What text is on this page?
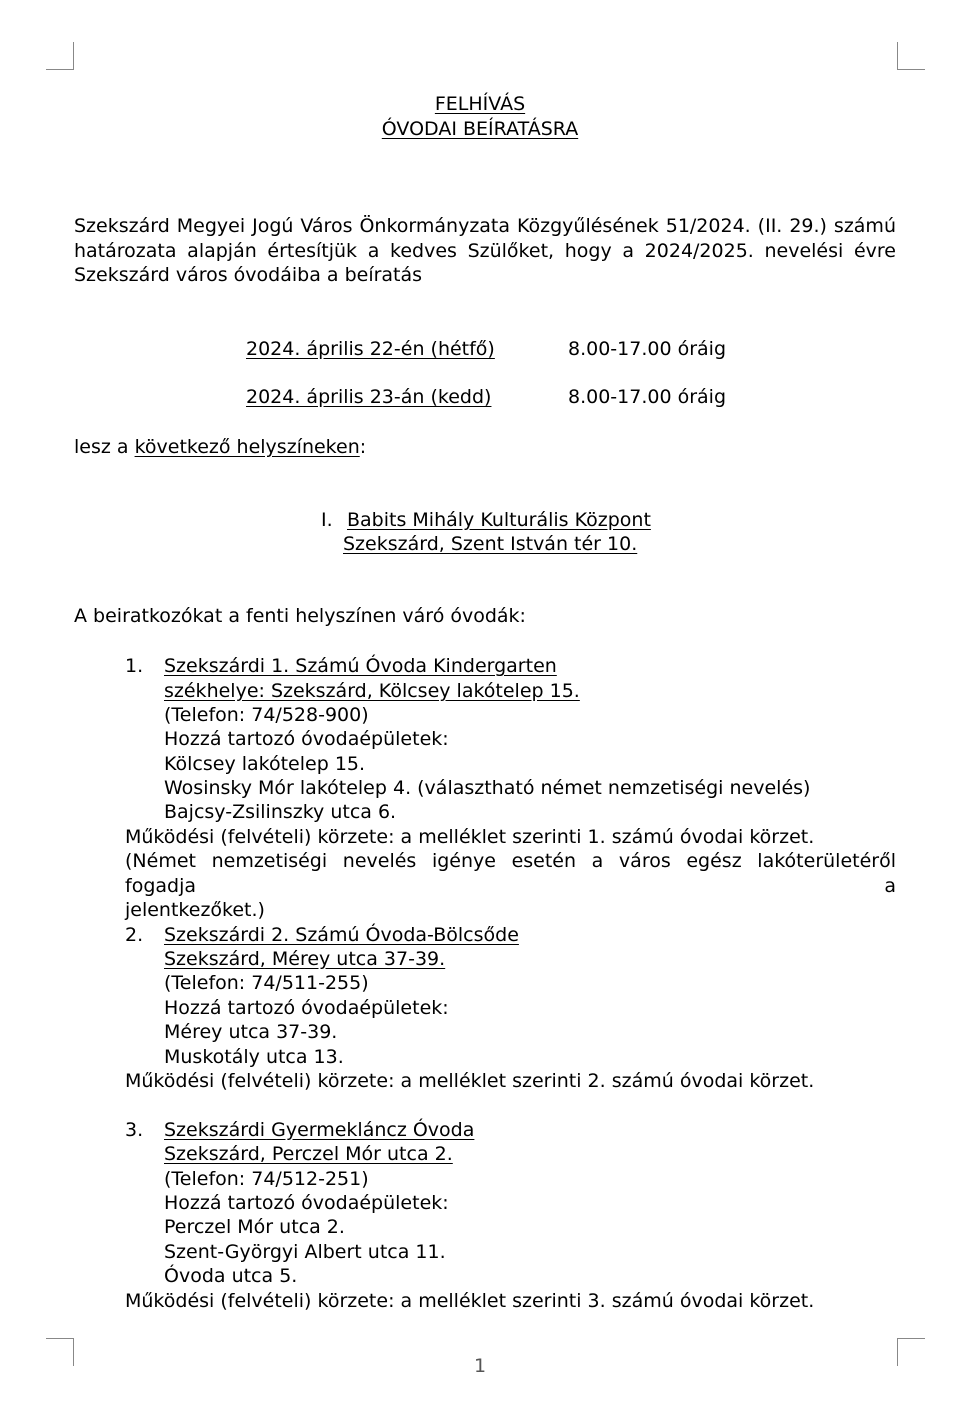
FELHÍVÁS
ÓVODAI BEÍRATÁSRA
Szekszárd Megyei Jogú Város Önkormányzata Közgyűlésének 51/2024. (II. 29.) számú
határozata alapján értesítjük a kedves Szülőket, hogy a 2024/2025. nevelési évre
Szekszárd város óvodáiba a beíratás
2024. április 22-én (hétfő)	8.00-17.00 óráig
2024. április 23-án (kedd)	8.00-17.00 óráig
lesz a következő helyszíneken:
I. Babits Mihály Kulturális Központ
Szekszárd, Szent István tér 10.
A beiratkozókat a fenti helyszínen váró óvodák:
1. Szekszárdi 1. Számú Óvoda Kindergarten
székhelye: Szekszárd, Kölcsey lakótelep 15.
(Telefon: 74/528-900)
Hozzá tartozó óvodaépületek:
Kölcsey lakótelep 15.
Wosinsky Mór lakótelep 4. (választható német nemzetiségi nevelés)
Bajcsy-Zsilinszky utca 6.
Működési (felvételi) körzete: a melléklet szerinti 1. számú óvodai körzet.
(Német nemzetiségi nevelés igénye esetén a város egész lakóterületéről fogadja a
jelentkezőket.)
2. Szekszárdi 2. Számú Óvoda-Bölcsőde
Szekszárd, Mérey utca 37-39.
(Telefon: 74/511-255)
Hozzá tartozó óvodaépületek:
Mérey utca 37-39.
Muskotály utca 13.
Működési (felvételi) körzete: a melléklet szerinti 2. számú óvodai körzet.
3. Szekszárdi Gyermekláncz Óvoda
Szekszárd, Perczel Mór utca 2.
(Telefon: 74/512-251)
Hozzá tartozó óvodaépületek:
Perczel Mór utca 2.
Szent-Györgyi Albert utca 11.
Óvoda utca 5.
Működési (felvételi) körzete: a melléklet szerinti 3. számú óvodai körzet.
1
